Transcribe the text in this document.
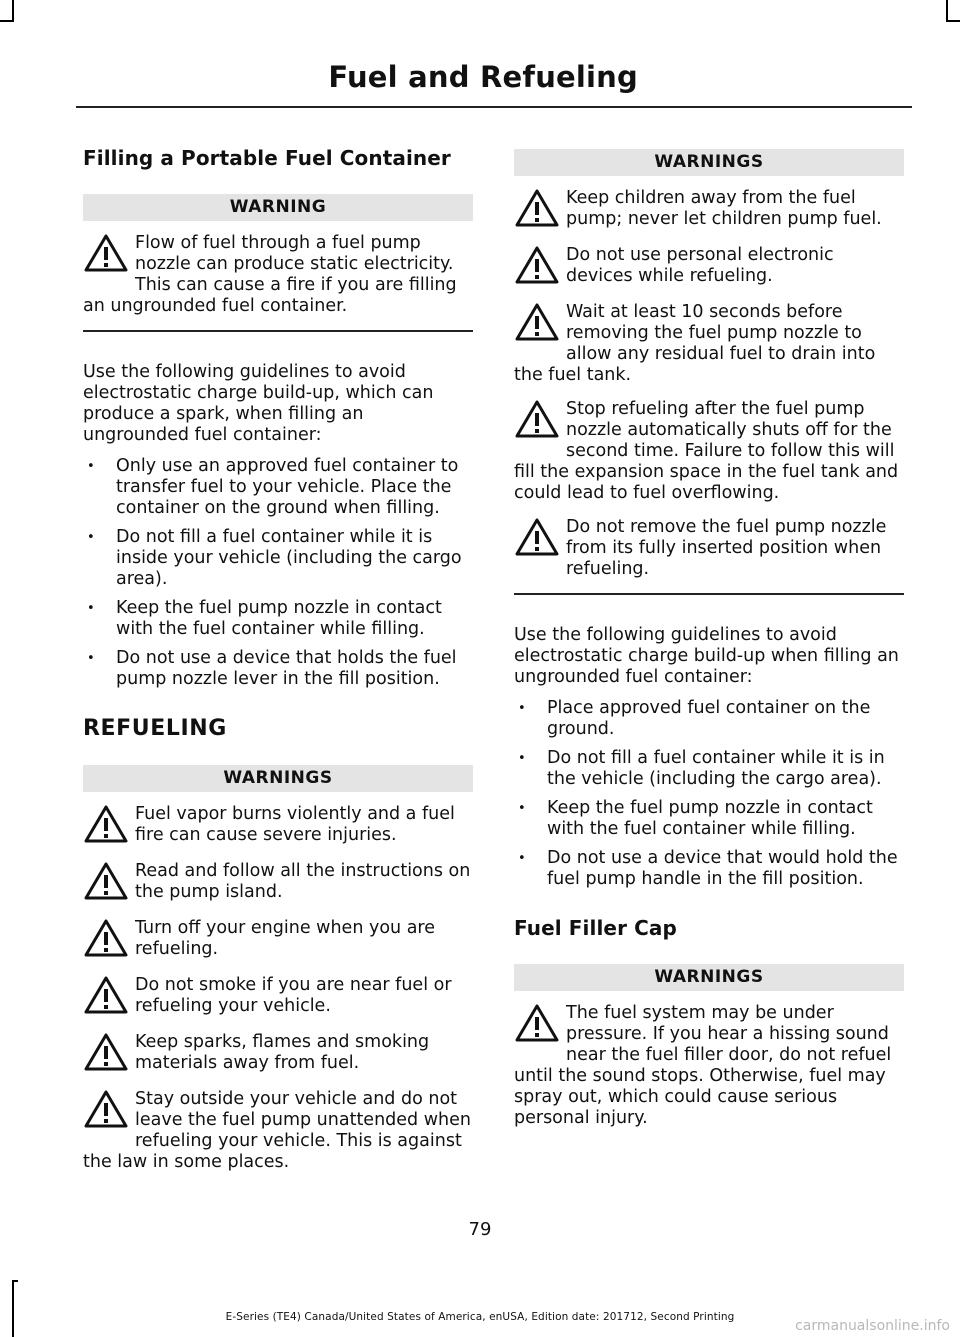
Fuel and Refueling
Filling a Portable Fuel Container
WARNING
Flow of fuel through a fuel pump nozzle can produce static electricity. This can cause a fire if you are filling an ungrounded fuel container.

Use the following guidelines to avoid electrostatic charge build-up, which can produce a spark, when filling an ungrounded fuel container:

• Only use an approved fuel container to transfer fuel to your vehicle. Place the container on the ground when filling.
• Do not fill a fuel container while it is inside your vehicle (including the cargo area).
• Keep the fuel pump nozzle in contact with the fuel container while filling.
• Do not use a device that holds the fuel pump nozzle lever in the fill position.
REFUELING
WARNINGS
Fuel vapor burns violently and a fuel fire can cause severe injuries.
Read and follow all the instructions on the pump island.
Turn off your engine when you are refueling.
Do not smoke if you are near fuel or refueling your vehicle.
Keep sparks, flames and smoking materials away from fuel.
Stay outside your vehicle and do not leave the fuel pump unattended when refueling your vehicle. This is against the law in some places.
WARNINGS
Keep children away from the fuel pump; never let children pump fuel.
Do not use personal electronic devices while refueling.
Wait at least 10 seconds before removing the fuel pump nozzle to allow any residual fuel to drain into the fuel tank.
Stop refueling after the fuel pump nozzle automatically shuts off for the second time. Failure to follow this will fill the expansion space in the fuel tank and could lead to fuel overflowing.
Do not remove the fuel pump nozzle from its fully inserted position when refueling.

Use the following guidelines to avoid electrostatic charge build-up when filling an ungrounded fuel container:

• Place approved fuel container on the ground.
• Do not fill a fuel container while it is in the vehicle (including the cargo area).
• Keep the fuel pump nozzle in contact with the fuel container while filling.
• Do not use a device that would hold the fuel pump handle in the fill position.
Fuel Filler Cap
WARNINGS
The fuel system may be under pressure. If you hear a hissing sound near the fuel filler door, do not refuel until the sound stops. Otherwise, fuel may spray out, which could cause serious personal injury.
79
E-Series (TE4) Canada/United States of America, enUSA, Edition date: 201712, Second Printing
carmanualsonline.info
